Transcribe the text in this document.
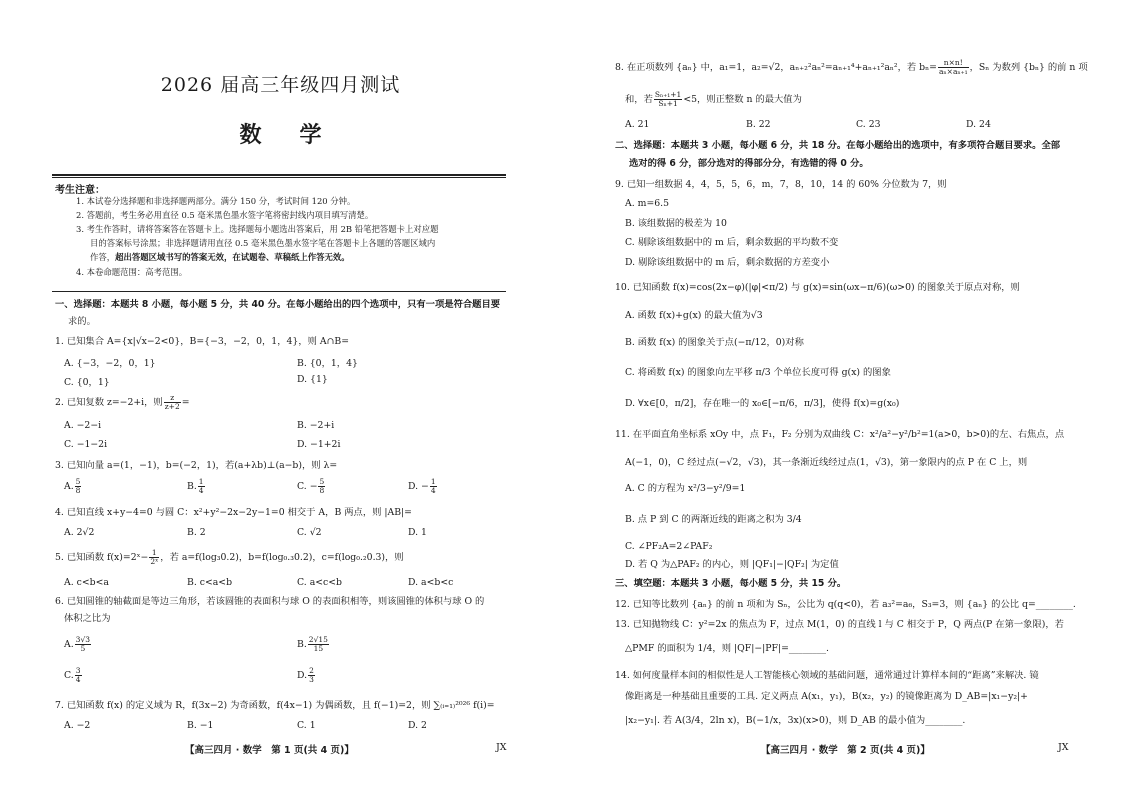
2026 届高三年级四月测试
数学
考生注意：
1. 本试卷分选择题和非选择题两部分。满分 150 分，考试时间 120 分钟。
2. 答题前，考生务必用直径 0.5 毫米黑色墨水签字笔将密封线内项目填写清楚。
3. 考生作答时，请将答案答在答题卡上。选择题每小题选出答案后，用 2B 铅笔把答题卡上对应题
目的答案标号涂黑；非选择题请用直径 0.5 毫米黑色墨水签字笔在答题卡上各题的答题区域内
作答，超出答题区域书写的答案无效，在试题卷、草稿纸上作答无效。
4. 本卷命题范围：高考范围。
一、选择题：本题共 8 小题，每小题 5 分，共 40 分。在每小题给出的四个选项中，只有一项是符合题目要
求的。
1. 已知集合 A={x|√x−2<0}，B={−3，−2，0，1，4}，则 A∩B=
A. {−3，−2，0，1}	B. {0，1，4}
C. {0，1}	D. {1}
2. 已知复数 z=−2+i，则 $\frac{z}{z+2}$ =
A. −2−i	B. −2+i
C. −1−2i	D. −1+2i
3. 已知向量 a=(1，−1)，b=(−2，1)，若(a+λb)⊥(a−b)，则 λ=
A. $\frac{5}{8}$	B. $\frac{1}{4}$	C. − $\frac{5}{8}$	D. − $\frac{1}{4}$
4. 已知直线 x+y−4=0 与圆 C：x²+y²−2x−2y−1=0 相交于 A，B 两点，则 |AB|=
A. 2√2	B. 2	C. √2	D. 1
5. 已知函数 f(x)=2ˣ− $\frac{1}{\text{2ˣ}}$ ，若 a=f(log₃0.2)，b=f(log₀.₃0.2)，c=f(log₀.₂0.3)，则
A. c<b<a	B. c<a<b	C. a<c<b	D. a<b<c
6. 已知圆锥的轴截面是等边三角形，若该圆锥的表面积与球 O 的表面积相等，则该圆锥的体积与球 O 的
体积之比为
A. $\frac{3√3}{5}$	B. $\frac{2√15}{15}$
C. $\frac{3}{4}$	D. $\frac{2}{3}$
7. 已知函数 f(x) 的定义域为 R，f(3x−2) 为奇函数，f(4x−1) 为偶函数，且 f(−1)=2，则 ∑₍ᵢ₌₁₎²⁰²⁶ f(i)=
A. −2	B. −1	C. 1	D. 2
【高三四月 · 数学　第 1 页(共 4 页)】	JX
8. 在正项数列 {aₙ} 中，a₁=1，a₂=√2，aₙ₊₂²aₙ²=aₙ₊₁⁴+aₙ₊₁²aₙ²，若 $b_n= \frac{n\times n!}{\text{aₙ×aₙ₊₁}}$ ，Sₙ 为数列 {bₙ} 的前 n 项
和，若 $\frac{\text{Sₙ₊₁+1}}{\text{Sₙ+1}} <5$，则正整数 n 的最大值为
A. 21	B. 22	C. 23	D. 24
二、选择题：本题共 3 小题，每小题 6 分，共 18 分。在每小题给出的选项中，有多项符合题目要求。全部
选对的得 6 分，部分选对的得部分分，有选错的得 0 分。
9. 已知一组数据 4，4，5，5，6，m，7，8，10，14 的 60% 分位数为 7，则
A. m=6.5
B. 该组数据的极差为 10
C. 剔除该组数据中的 m 后，剩余数据的平均数不变
D. 剔除该组数据中的 m 后，剩余数据的方差变小
10. 已知函数 f(x)=cos(2x−φ)(|φ|<π/2) 与 g(x)=sin(ωx−π/6)(ω>0) 的图象关于原点对称，则
A. 函数 f(x)+g(x) 的最大值为√3
B. 函数 f(x) 的图象关于点(−π/12，0)对称
C. 将函数 f(x) 的图象向左平移 π/3 个单位长度可得 g(x) 的图象
D. ∀x∈[0，π/2]，存在唯一的 x₀∈[−π/6，π/3]，使得 f(x)=g(x₀)
11. 在平面直角坐标系 xOy 中，点 F₁，F₂ 分别为双曲线 C：x²/a²−y²/b²=1(a>0，b>0)的左、右焦点，点
A(−1，0)，C 经过点(−√2，√3)，其一条渐近线经过点(1，√3)，第一象限内的点 P 在 C 上，则
A. C 的方程为 x²/3−y²/9=1
B. 点 P 到 C 的两渐近线的距离之积为 3/4
C. ∠PF₂A=2∠PAF₂
D. 若 Q 为△PAF₂ 的内心，则 |QF₁|−|QF₂| 为定值
三、填空题：本题共 3 小题，每小题 5 分，共 15 分。
12. 已知等比数列 {aₙ} 的前 n 项和为 Sₙ，公比为 q(q<0)，若 a₃²=a₆，S₃=3，则 {aₙ} 的公比 q=________.
13. 已知抛物线 C：y²=2x 的焦点为 F，过点 M(1，0) 的直线 l 与 C 相交于 P，Q 两点(P 在第一象限)，若
△PMF 的面积为 1/4，则 |QF|−|PF|=________.
14. 如何度量样本间的相似性是人工智能核心领域的基础问题，通常通过计算样本间的“距离”来解决. 镜
像距离是一种基础且重要的工具. 定义两点 A(x₁，y₁)，B(x₂，y₂) 的镜像距离为 D_AB=|x₁−y₂|+
|x₂−y₁|. 若 A(3/4，2ln x)，B(−1/x，3x)(x>0)，则 D_AB 的最小值为________.
【高三四月 · 数学　第 2 页(共 4 页)】	JX
